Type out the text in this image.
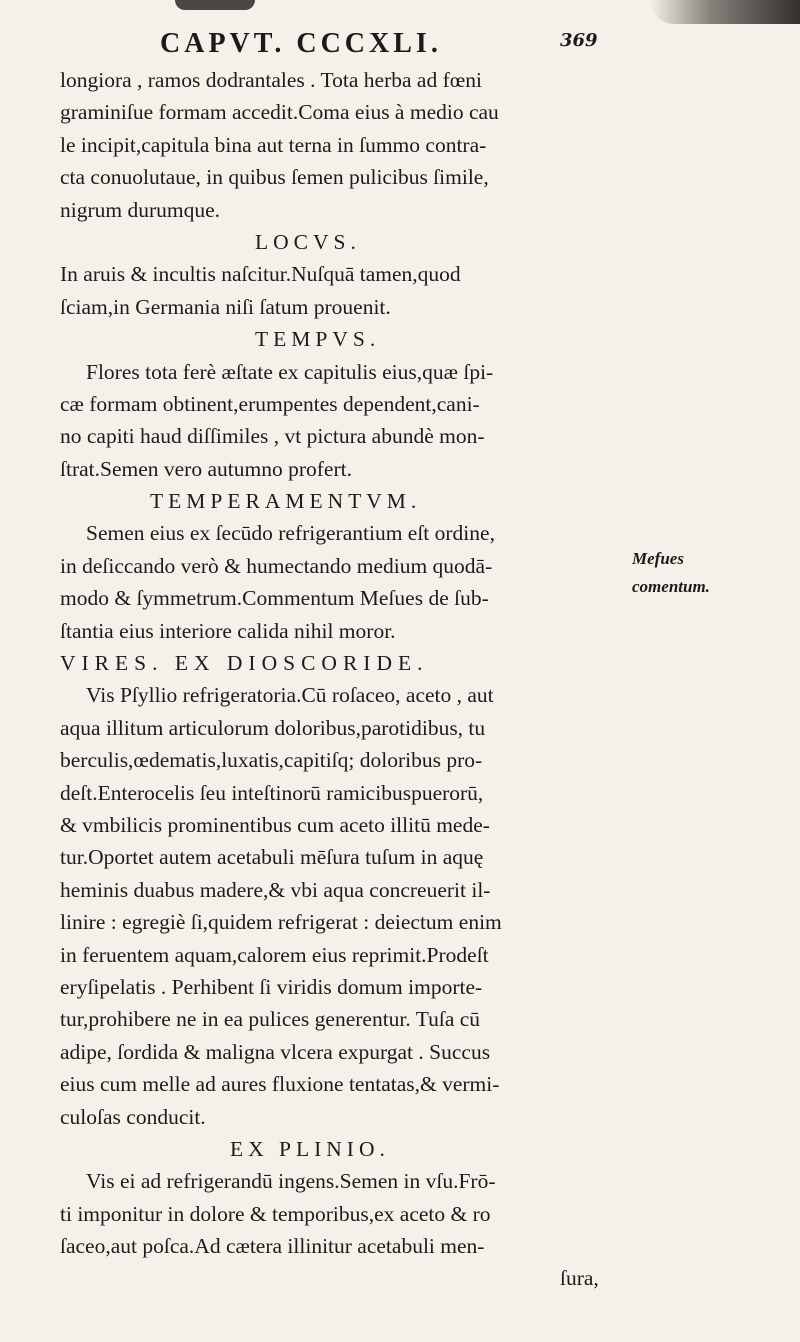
CAPVT. CCCXLI.	369
longiora , ramos dodrantales . Tota herba ad fœni
graminiſue formam accedit.Coma eius à medio cau
le incipit,capitula bina aut terna in ſummo contra-
cta conuolutaue, in quibus ſemen pulicibus ſimile,
nigrum durumque.
LOCVS.
In aruis & incultis naſcitur.Nuſquā tamen,quod
ſciam,in Germania niſi ſatum prouenit.
TEMPVS.
Flores tota ferè æſtate ex capitulis eius,quæ ſpi-
cæ formam obtinent,erumpentes dependent,cani-
no capiti haud diſſimiles , vt pictura abundè mon-
ſtrat.Semen vero autumno profert.
TEMPERAMENTVM.
Semen eius ex ſecūdo refrigerantium eſt ordine,
in deſiccando verò & humectando medium quodā-
modo & ſymmetrum.Commentum Meſues de ſub-
ſtantia eius interiore calida nihil moror.
VIRES. EX DIOSCORIDE.
Vis Pſyllio refrigeratoria.Cū roſaceo, aceto , aut
aqua illitum articulorum doloribus,parotidibus, tu
berculis,œdematis,luxatis,capitiſq; doloribus pro-
deſt.Enterocelis ſeu inteſtinorū ramicibuspuerorū,
& vmbilicis prominentibus cum aceto illitū mede-
tur.Oportet autem acetabuli mēſura tuſum in aquę
heminis duabus madere,& vbi aqua concreuerit il-
linire : egregiè ſi,quidem refrigerat : deiectum enim
in feruentem aquam,calorem eius reprimit.Prodeſt
eryſipelatis . Perhibent ſi viridis domum importe-
tur,prohibere ne in ea pulices generentur. Tuſa cū
adipe, ſordida & maligna vlcera expurgat . Succus
eius cum melle ad aures fluxione tentatas,& vermi-
culoſas conducit.
EX PLINIO.
Vis ei ad refrigerandū ingens.Semen in vſu.Frō-
ti imponitur in dolore & temporibus,ex aceto & ro
ſaceo,aut poſca.Ad cætera illinitur acetabuli men-
ſura,
Mefues
comentum.
